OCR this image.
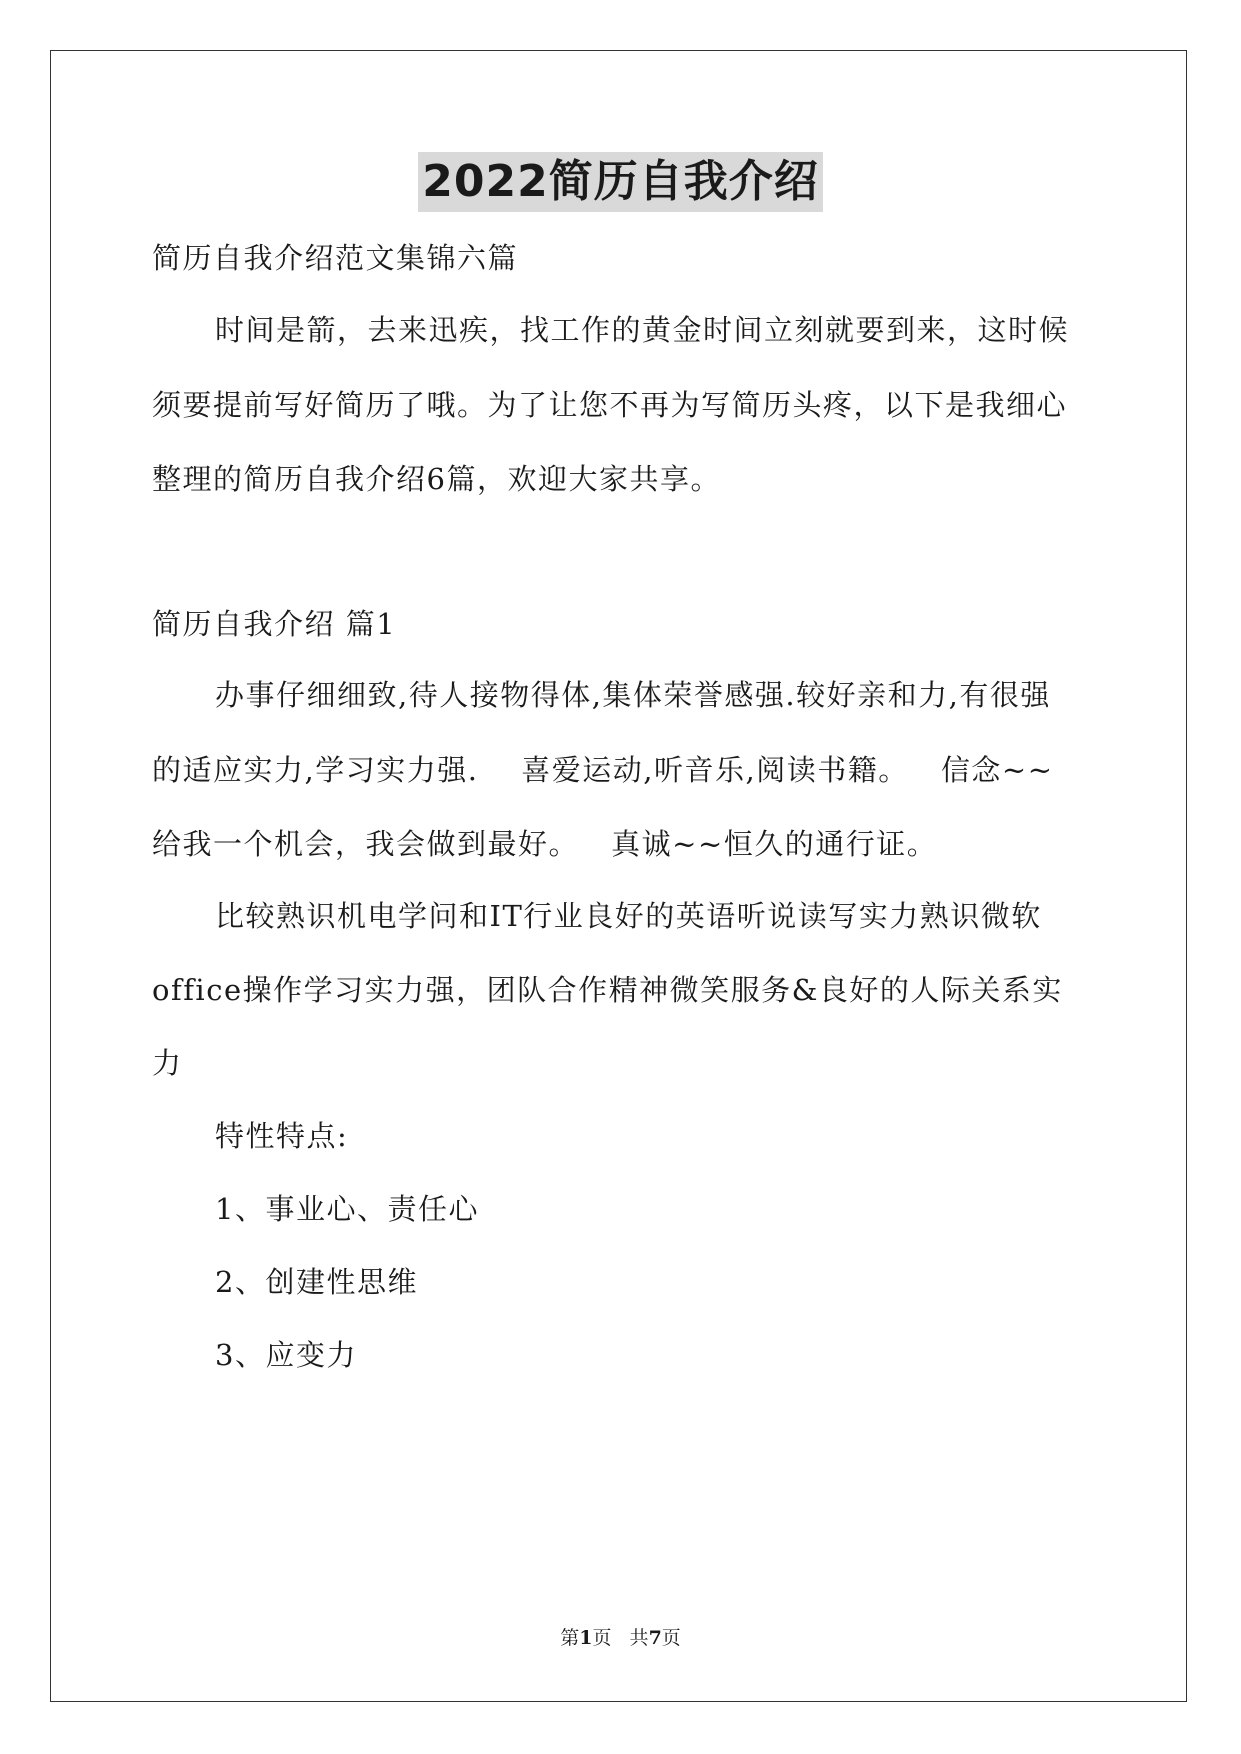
2022简历自我介绍
简历自我介绍范文集锦六篇
时间是箭，去来迅疾，找工作的黄金时间立刻就要到来，这时候
须要提前写好简历了哦。为了让您不再为写简历头疼，以下是我细心
整理的简历自我介绍6篇，欢迎大家共享。
简历自我介绍 篇1
办事仔细细致,待人接物得体,集体荣誉感强.较好亲和力,有很强
的适应实力,学习实力强.    喜爱运动,听音乐,阅读书籍。   信念~~
给我一个机会，我会做到最好。   真诚~~恒久的通行证。
比较熟识机电学问和IT行业良好的英语听说读写实力熟识微软
office操作学习实力强，团队合作精神微笑服务&良好的人际关系实
力
特性特点:
1、事业心、责任心
2、创建性思维
3、应变力
第1页   共7页
